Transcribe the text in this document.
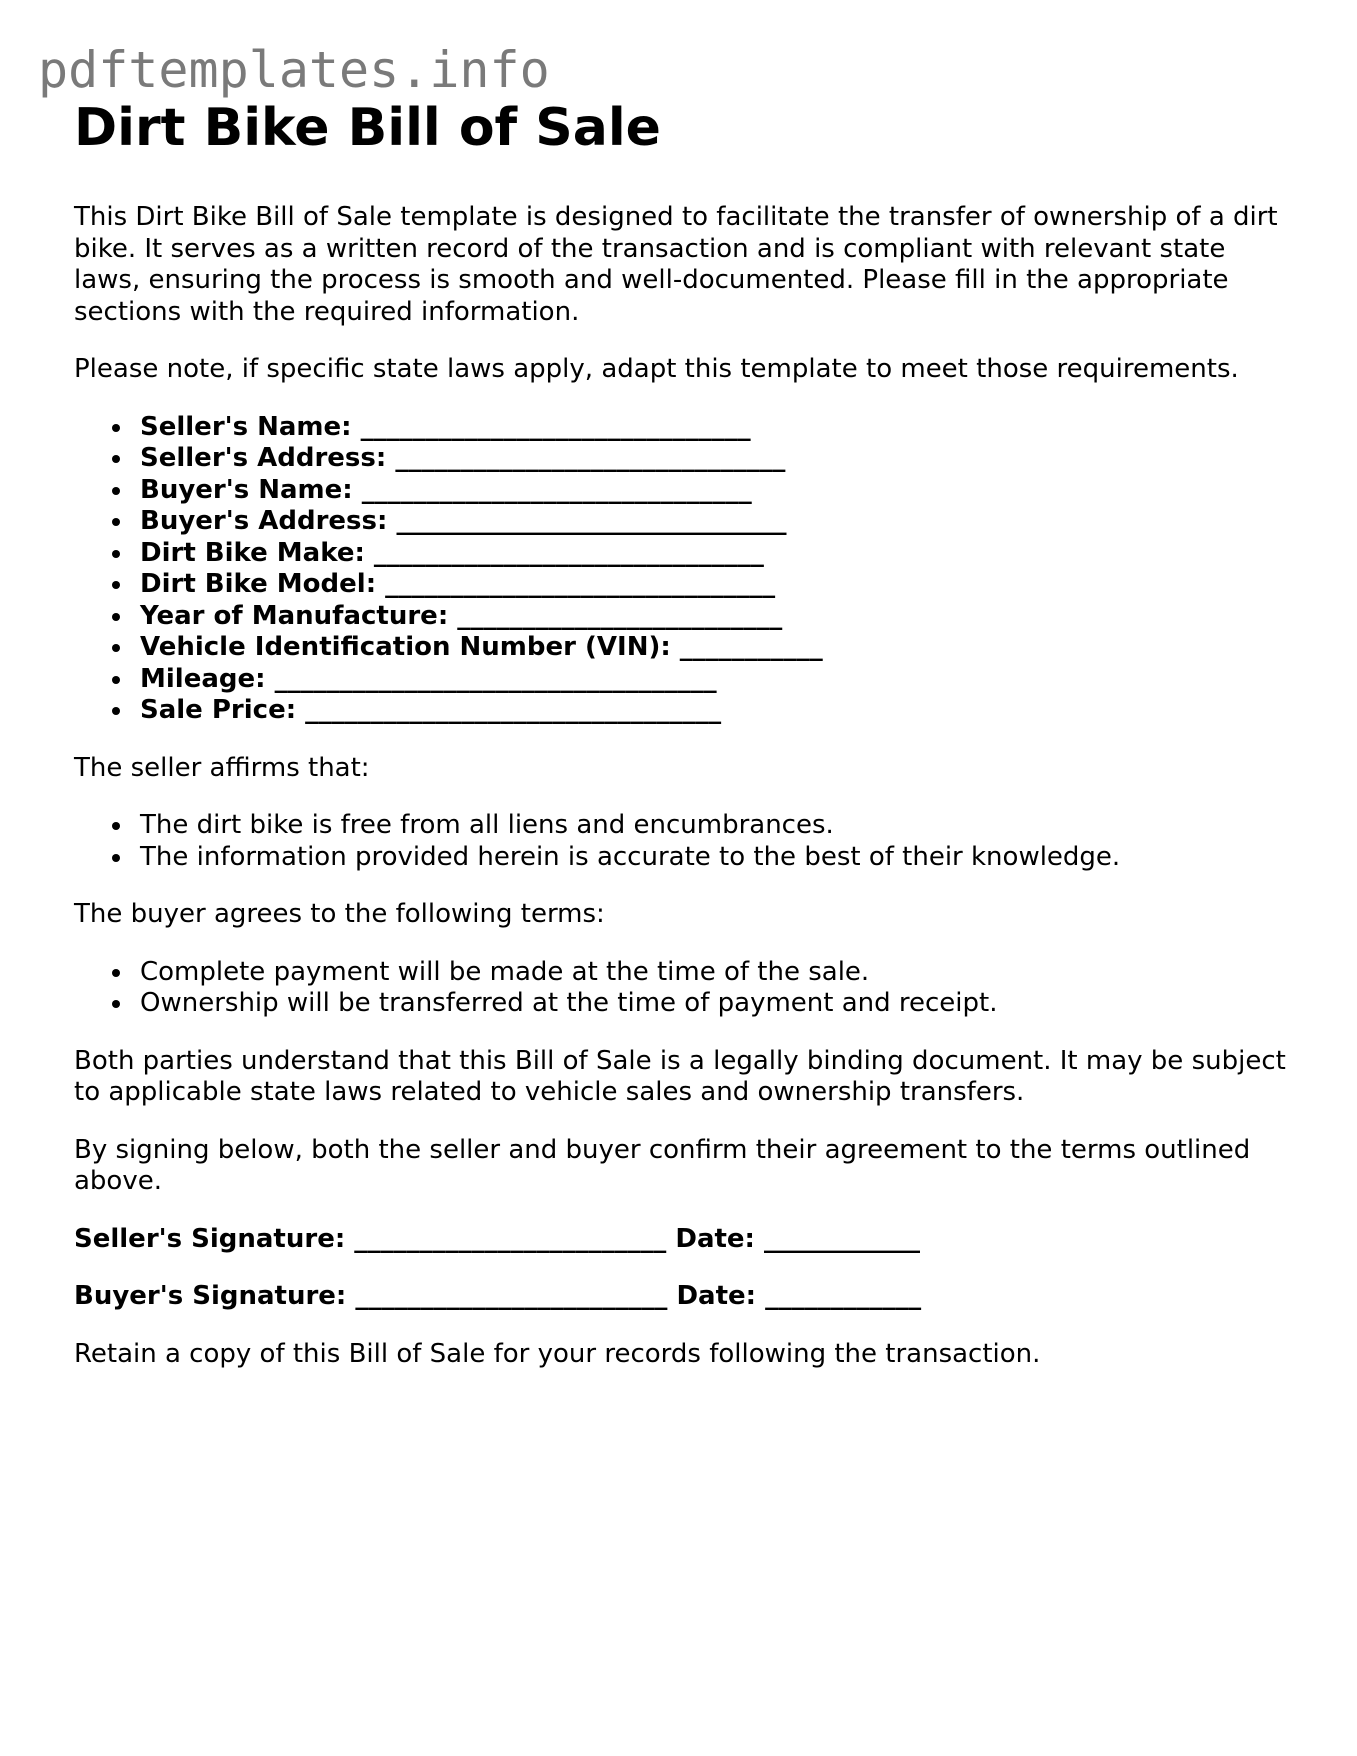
pdftemplates.info
Dirt Bike Bill of Sale

This Dirt Bike Bill of Sale template is designed to facilitate the transfer of ownership of a dirt bike. It serves as a written record of the transaction and is compliant with relevant state laws, ensuring the process is smooth and well-documented. Please fill in the appropriate sections with the required information.

Please note, if specific state laws apply, adapt this template to meet those requirements.

Seller's Name: ______________________________
Seller's Address: ______________________________
Buyer's Name: ______________________________
Buyer's Address: ______________________________
Dirt Bike Make: ______________________________
Dirt Bike Model: ______________________________
Year of Manufacture: _________________________
Vehicle Identification Number (VIN): ___________
Mileage: __________________________________
Sale Price: ________________________________

The seller affirms that:

The dirt bike is free from all liens and encumbrances.
The information provided herein is accurate to the best of their knowledge.

The buyer agrees to the following terms:

Complete payment will be made at the time of the sale.
Ownership will be transferred at the time of payment and receipt.

Both parties understand that this Bill of Sale is a legally binding document. It may be subject to applicable state laws related to vehicle sales and ownership transfers.

By signing below, both the seller and buyer confirm their agreement to the terms outlined above.

Seller's Signature: ________________________ Date: ____________

Buyer's Signature: ________________________ Date: ____________

Retain a copy of this Bill of Sale for your records following the transaction.
